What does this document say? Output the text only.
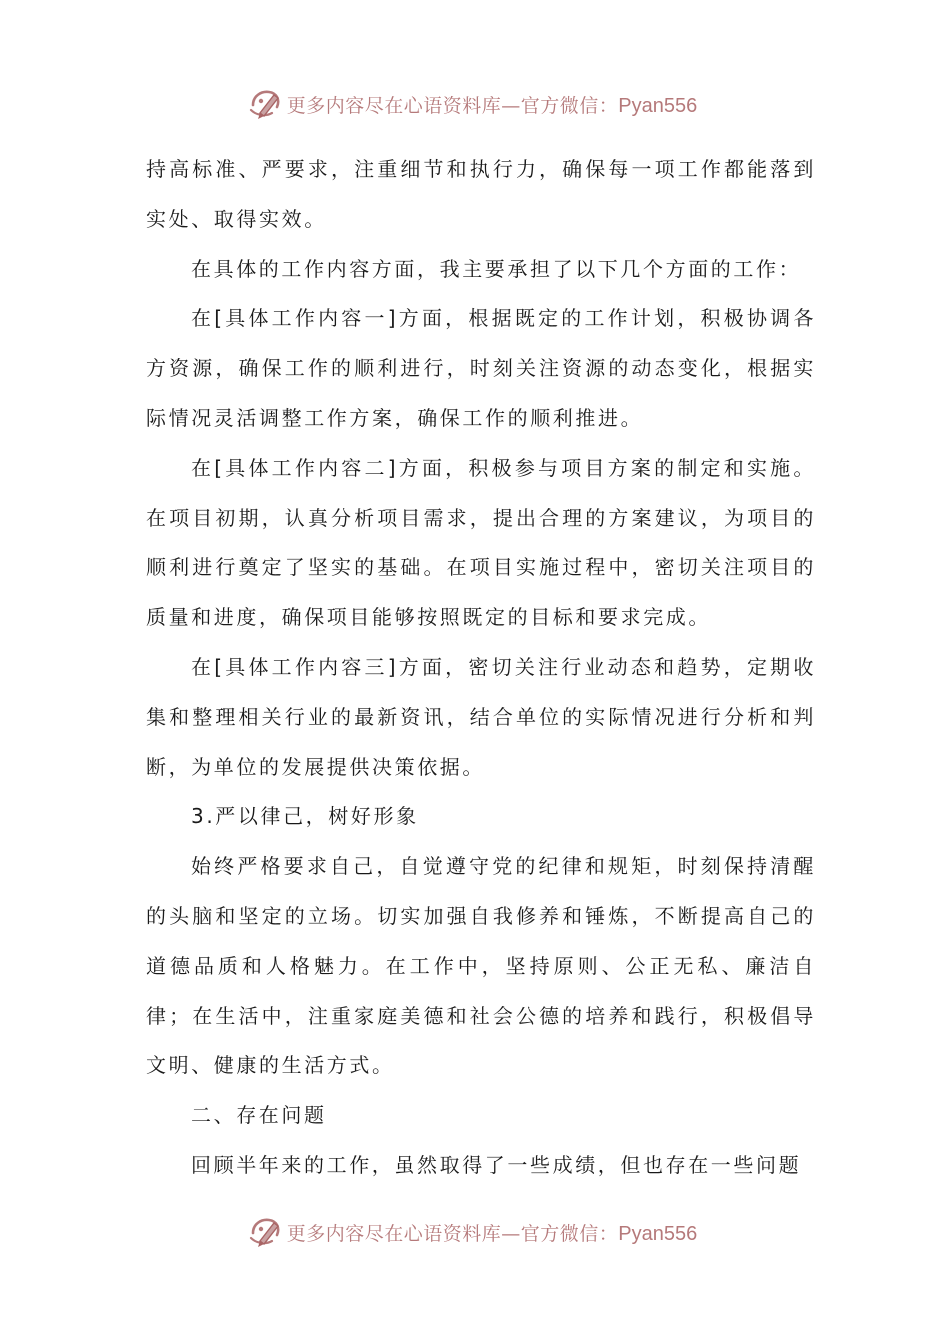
更多内容尽在心语资料库—官方微信：Pyan556

持高标准、严要求，注重细节和执行力，确保每一项工作都能落到实处、取得实效。

在具体的工作内容方面，我主要承担了以下几个方面的工作：

在[具体工作内容一]方面，根据既定的工作计划，积极协调各方资源，确保工作的顺利进行，时刻关注资源的动态变化，根据实际情况灵活调整工作方案，确保工作的顺利推进。

在[具体工作内容二]方面，积极参与项目方案的制定和实施。在项目初期，认真分析项目需求，提出合理的方案建议，为项目的顺利进行奠定了坚实的基础。在项目实施过程中，密切关注项目的质量和进度，确保项目能够按照既定的目标和要求完成。

在[具体工作内容三]方面，密切关注行业动态和趋势，定期收集和整理相关行业的最新资讯，结合单位的实际情况进行分析和判断，为单位的发展提供决策依据。

3.严以律己，树好形象

始终严格要求自己，自觉遵守党的纪律和规矩，时刻保持清醒的头脑和坚定的立场。切实加强自我修养和锤炼，不断提高自己的道德品质和人格魅力。在工作中，坚持原则、公正无私、廉洁自律；在生活中，注重家庭美德和社会公德的培养和践行，积极倡导文明、健康的生活方式。

二、存在问题

回顾半年来的工作，虽然取得了一些成绩，但也存在一些问题

更多内容尽在心语资料库—官方微信：Pyan556
